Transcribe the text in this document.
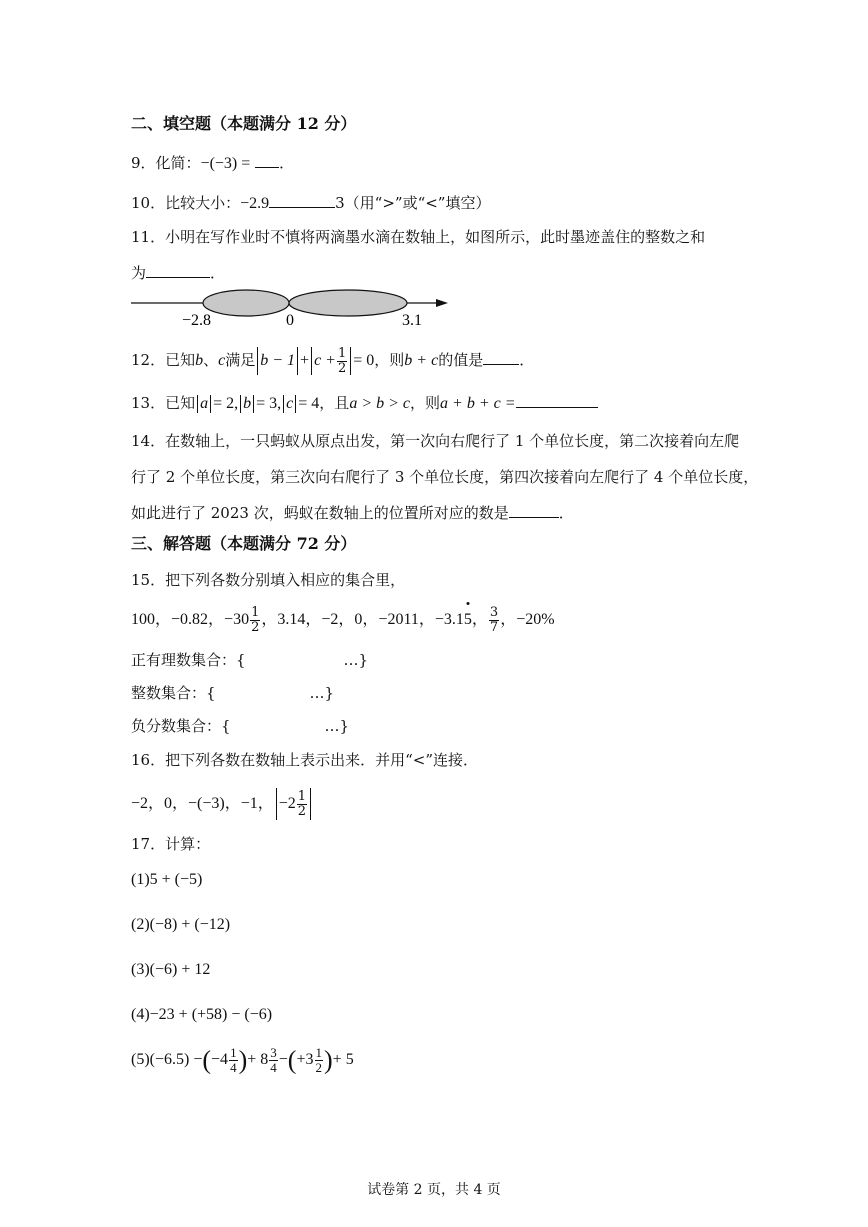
二、填空题（本题满分 12 分）
9．化简：−(−3) = ．
10．比较大小：−2.9	3（用“>”或“<”填空）
11．小明在写作业时不慎将两滴墨水滴在数轴上，如图所示，此时墨迹盖住的整数之和
为	．
−2.8	0	3.1
12．已知b、c满足 $b - 1 + c + \frac{1}{2} = 0$，则b + c的值是 ．
13．已知 a = 2, b = 3, c = 4，且a > b > c，则a + b + c =
14．在数轴上，一只蚂蚁从原点出发，第一次向右爬行了 1 个单位长度，第二次接着向左爬
行了 2 个单位长度，第三次向右爬行了 3 个单位长度，第四次接着向左爬行了 4 个单位长度，
如此进行了 2023 次，蚂蚁在数轴上的位置所对应的数是	．
三、解答题（本题满分 72 分）
15．把下列各数分别填入相应的集合里，
100，−0.82，$-30 \frac{1}{2}$ ，3.14，−2，0，−2011，−3.15， $\frac{3}{7}$ ，−20%
正有理数集合：{	…}
整数集合：{	…}
负分数集合：{	…}
16．把下列各数在数轴上表示出来．并用“<”连接．
−2，0，−(−3)，−1， $-2 \frac{1}{2}$
17．计算：
(1)5 + (−5)
(2)(−8) + (−12)
(3)(−6) + 12
(4)−23 + (+58) − (−6)
$(5)(-6.5) -(-4 \frac{1}{4}$ )+ $8 \frac{3}{4} -(+3 \frac{1}{2}$ )+ 5
试卷第 2 页，共 4 页
